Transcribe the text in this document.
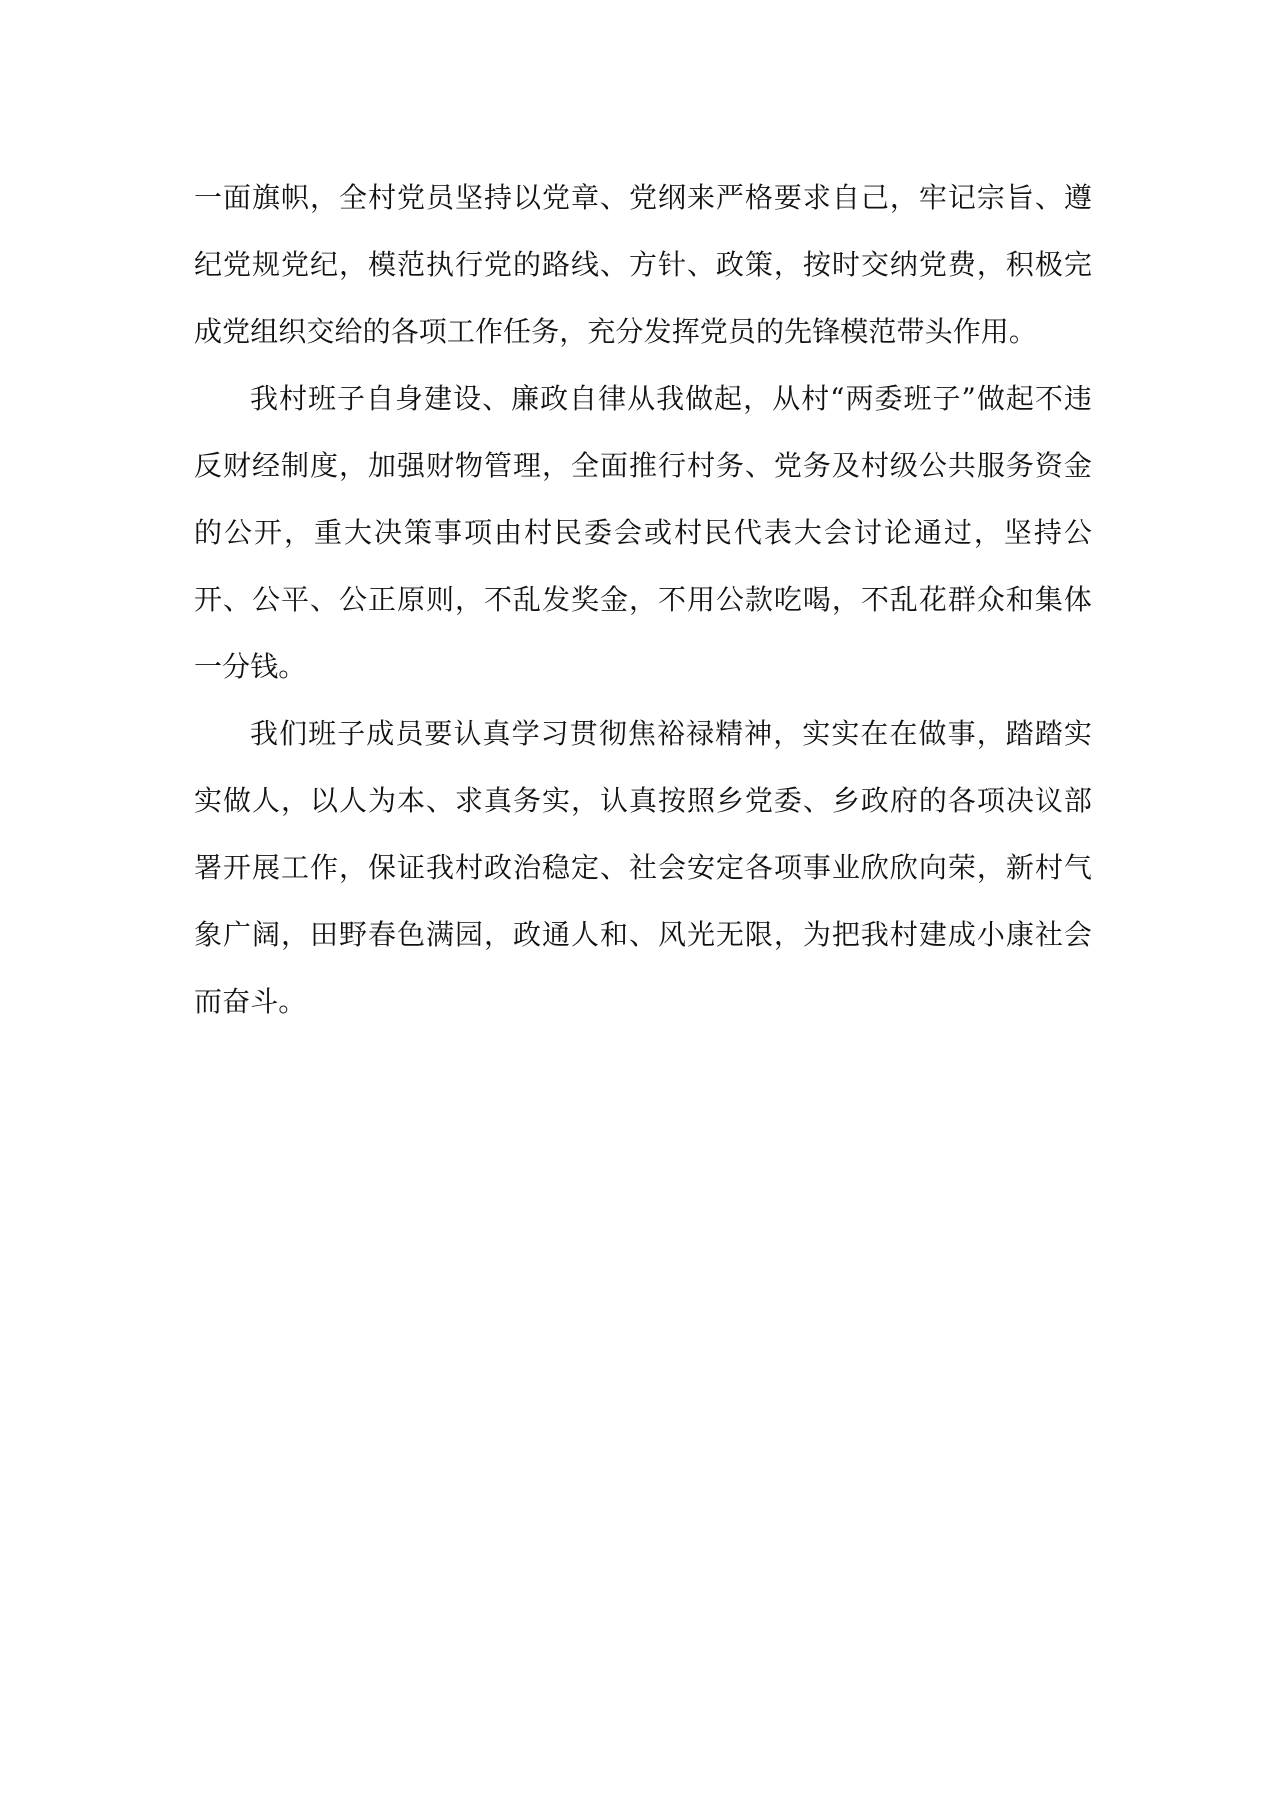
一面旗帜，全村党员坚持以党章、党纲来严格要求自己，牢记宗旨、遵纪党规党纪，模范执行党的路线、方针、政策，按时交纳党费，积极完成党组织交给的各项工作任务，充分发挥党员的先锋模范带头作用。

我村班子自身建设、廉政自律从我做起，从村“两委班子”做起不违反财经制度，加强财物管理，全面推行村务、党务及村级公共服务资金的公开，重大决策事项由村民委会或村民代表大会讨论通过，坚持公开、公平、公正原则，不乱发奖金，不用公款吃喝，不乱花群众和集体一分钱。

我们班子成员要认真学习贯彻焦裕禄精神，实实在在做事，踏踏实实做人，以人为本、求真务实，认真按照乡党委、乡政府的各项决议部署开展工作，保证我村政治稳定、社会安定各项事业欣欣向荣，新村气象广阔，田野春色满园，政通人和、风光无限，为把我村建成小康社会而奋斗。
